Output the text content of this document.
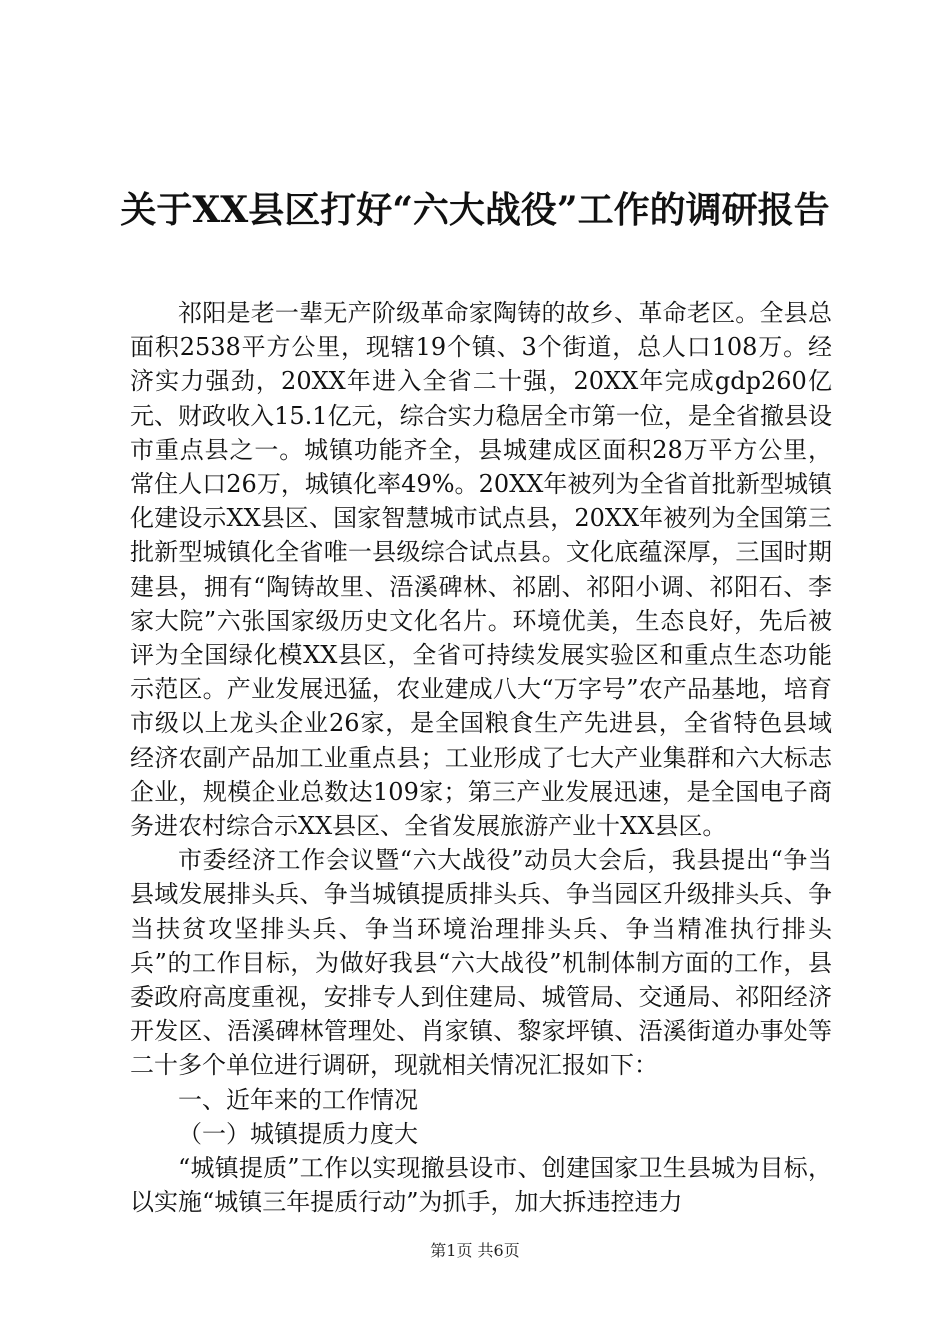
关于XX县区打好“六大战役”工作的调研报告

祁阳是老一辈无产阶级革命家陶铸的故乡、革命老区。全县总面积2538平方公里，现辖19个镇、3个街道，总人口108万。经济实力强劲，20XX年进入全省二十强，20XX年完成gdp260亿元、财政收入15.1亿元，综合实力稳居全市第一位，是全省撤县设市重点县之一。城镇功能齐全，县城建成区面积28万平方公里，常住人口26万，城镇化率49%。20XX年被列为全省首批新型城镇化建设示XX县区、国家智慧城市试点县，20XX年被列为全国第三批新型城镇化全省唯一县级综合试点县。文化底蕴深厚，三国时期建县，拥有“陶铸故里、浯溪碑林、祁剧、祁阳小调、祁阳石、李家大院”六张国家级历史文化名片。环境优美，生态良好，先后被评为全国绿化模XX县区，全省可持续发展实验区和重点生态功能示范区。产业发展迅猛，农业建成八大“万字号”农产品基地，培育市级以上龙头企业26家，是全国粮食生产先进县，全省特色县域经济农副产品加工业重点县；工业形成了七大产业集群和六大标志企业，规模企业总数达109家；第三产业发展迅速，是全国电子商务进农村综合示XX县区、全省发展旅游产业十XX县区。

市委经济工作会议暨“六大战役”动员大会后，我县提出“争当县域发展排头兵、争当城镇提质排头兵、争当园区升级排头兵、争当扶贫攻坚排头兵、争当环境治理排头兵、争当精准执行排头兵”的工作目标，为做好我县“六大战役”机制体制方面的工作，县委政府高度重视，安排专人到住建局、城管局、交通局、祁阳经济开发区、浯溪碑林管理处、肖家镇、黎家坪镇、浯溪街道办事处等二十多个单位进行调研，现就相关情况汇报如下：

一、近年来的工作情况

（一）城镇提质力度大

“城镇提质”工作以实现撤县设市、创建国家卫生县城为目标，以实施“城镇三年提质行动”为抓手，加大拆违控违力

第1页 共6页
